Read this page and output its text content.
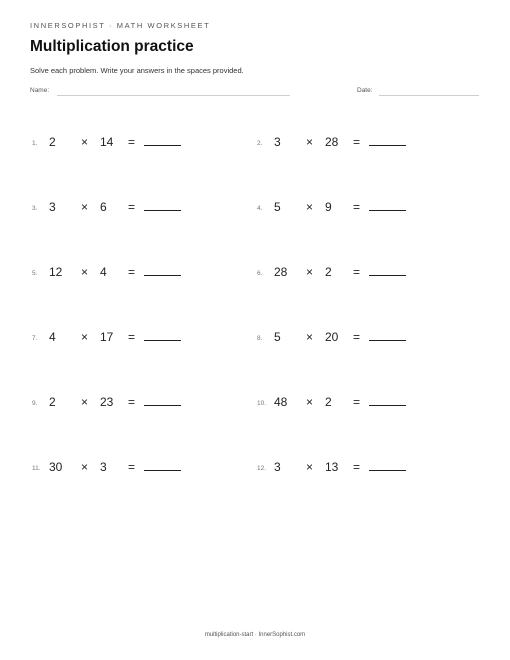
INNERSOPHIST · MATH WORKSHEET
Multiplication practice
Solve each problem. Write your answers in the spaces provided.
Name:	Date:
1. 2 × 14 =	2. 3 × 28 =
3. 3 × 6 =	4. 5 × 9 =
5. 12 × 4 =	6. 28 × 2 =
7. 4 × 17 =	8. 5 × 20 =
9. 2 × 23 =	10. 48 × 2 =
11. 30 × 3 =	12. 3 × 13 =
multiplication-start · InnerSophist.com
